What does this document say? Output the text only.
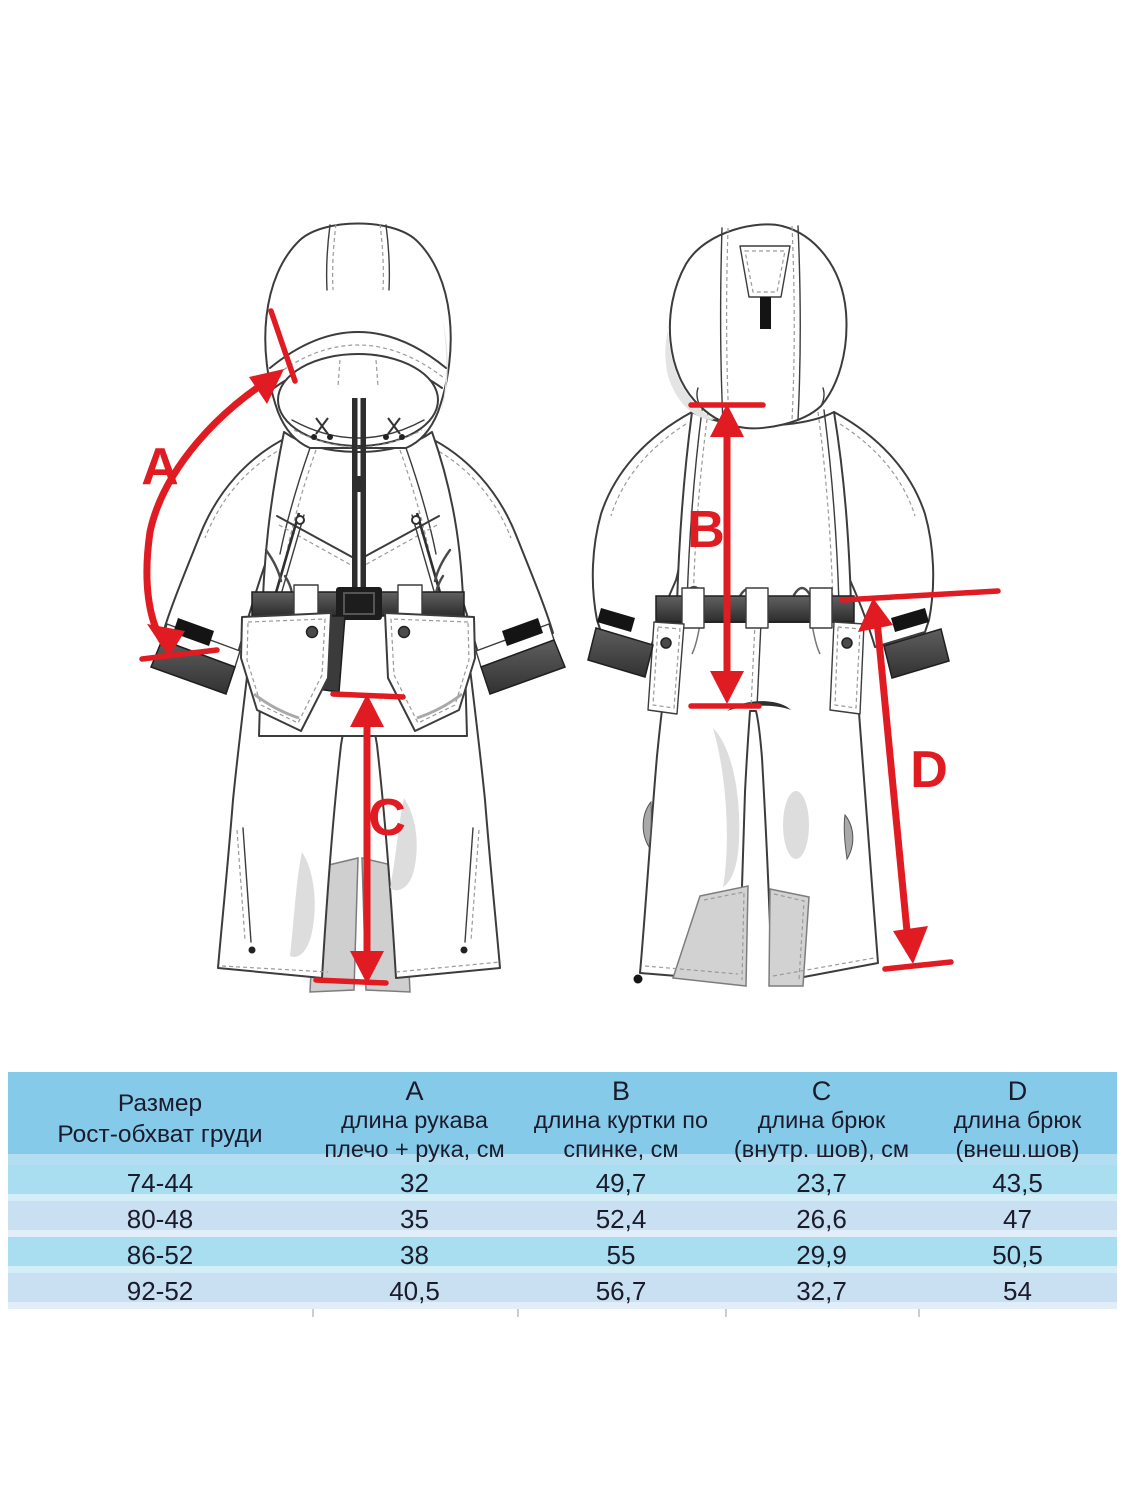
A
C
B
D
Размер
Рост-обхват груди
A
длина рукава
плечо + рука, см
B
длина куртки по
спинке, см
C
длина брюк
(внутр. шов), см
D
длина брюк
(внеш.шов)
74-44	32	49,7	23,7	43,5
80-48	35	52,4	26,6	47
86-52	38	55	29,9	50,5
92-52	40,5	56,7	32,7	54
